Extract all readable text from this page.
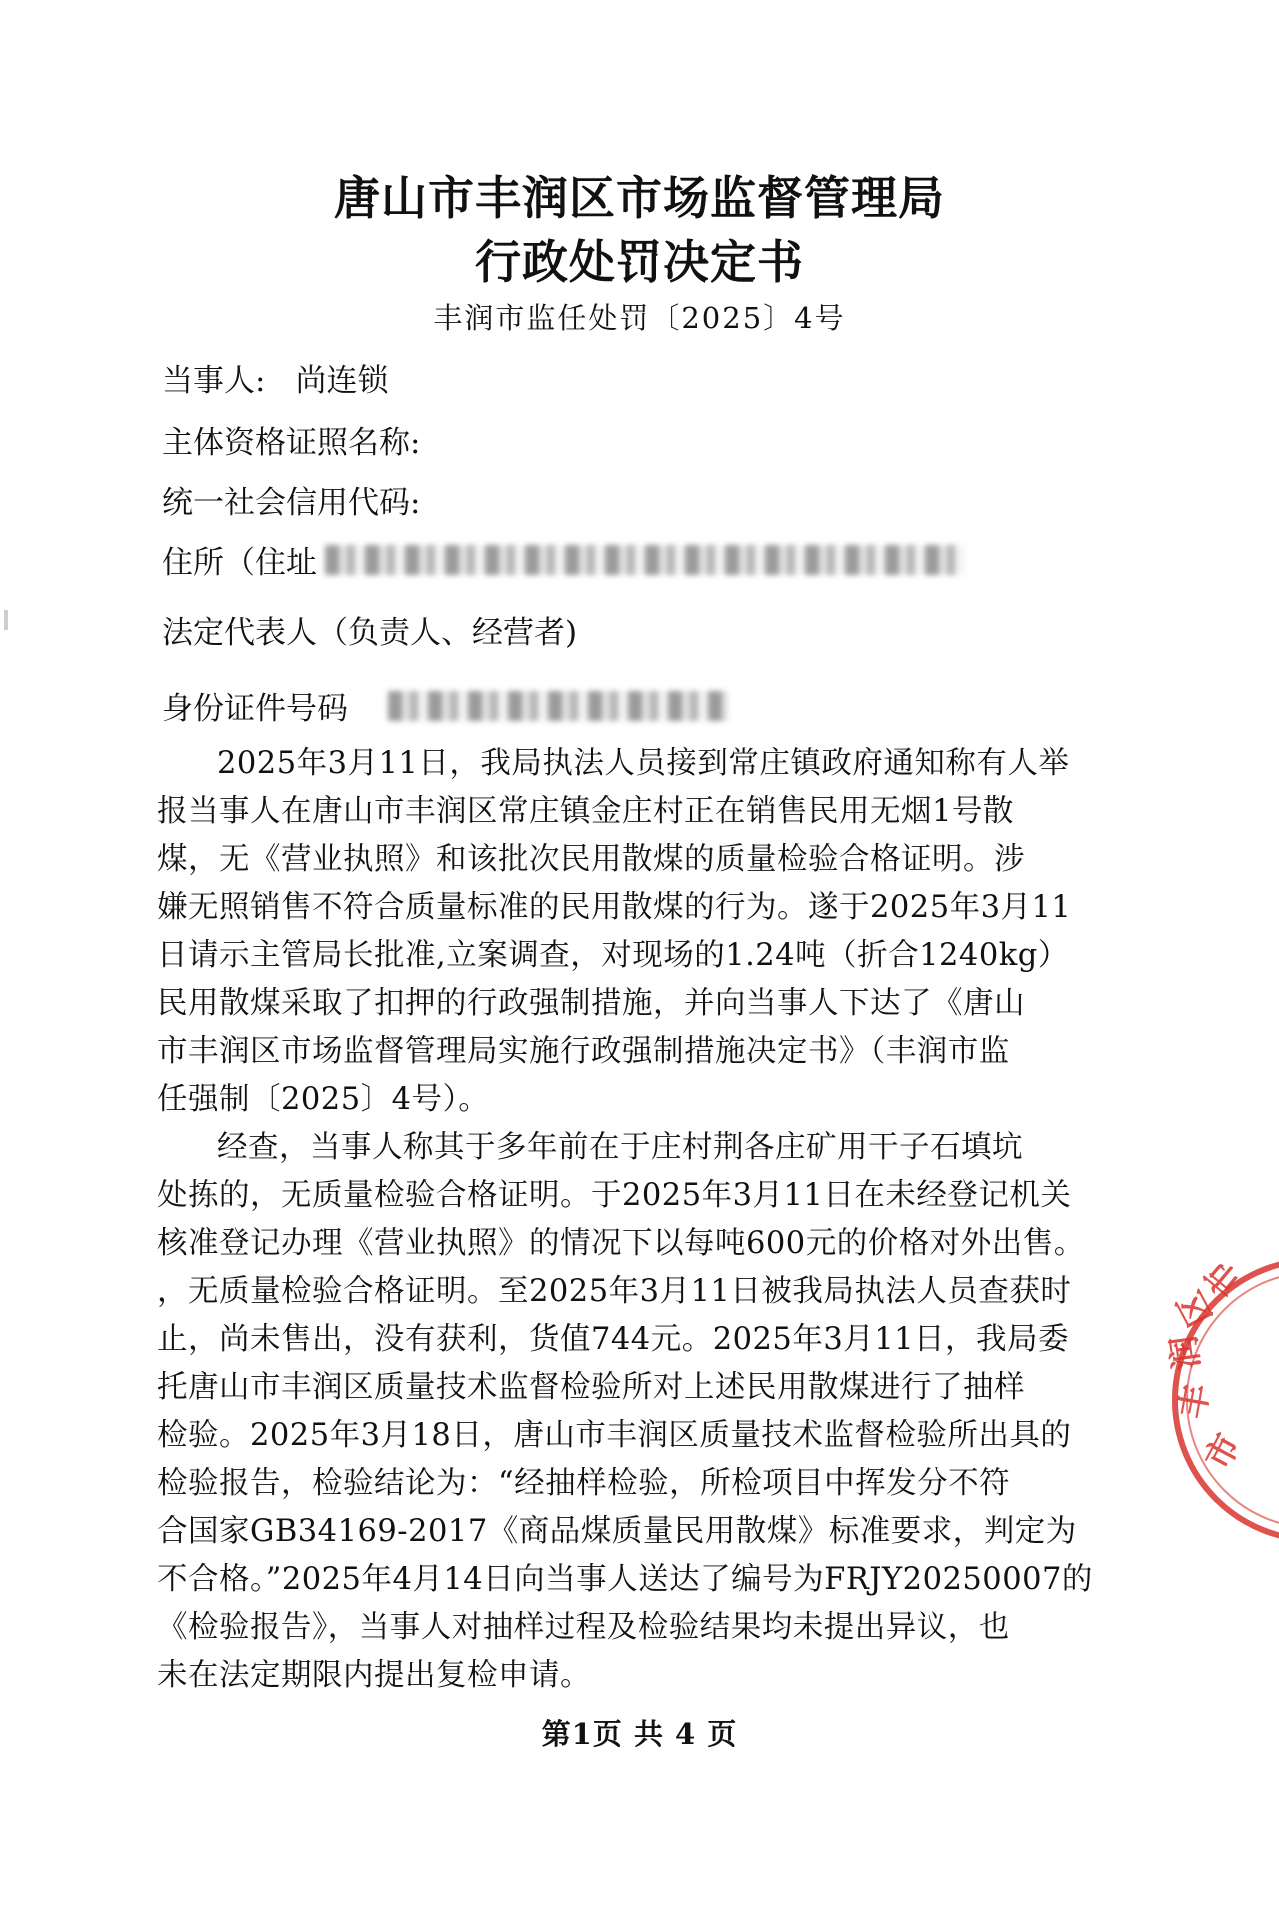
唐山市丰润区市场监督管理局
行政处罚决定书
丰润市监任处罚〔2025〕4号
当事人: 尚连锁
主体资格证照名称:
统一社会信用代码:
住所（住址
法定代表人（负责人、经营者)
身份证件号码
2025年3月11日，我局执法人员接到常庄镇政府通知称有人举
报当事人在唐山市丰润区常庄镇金庄村正在销售民用无烟1号散
煤，无《营业执照》和该批次民用散煤的质量检验合格证明。涉
嫌无照销售不符合质量标准的民用散煤的行为。遂于2025年3月11
日请示主管局长批准,立案调查，对现场的1.24吨（折合1240kg）
民用散煤采取了扣押的行政强制措施，并向当事人下达了《唐山
市丰润区市场监督管理局实施行政强制措施决定书》（丰润市监
任强制〔2025〕4号）。
经查，当事人称其于多年前在于庄村荆各庄矿用干子石填坑
处拣的，无质量检验合格证明。于2025年3月11日在未经登记机关
核准登记办理《营业执照》的情况下以每吨600元的价格对外出售。
，无质量检验合格证明。至2025年3月11日被我局执法人员查获时
止，尚未售出，没有获利，货值744元。2025年3月11日，我局委
托唐山市丰润区质量技术监督检验所对上述民用散煤进行了抽样
检验。2025年3月18日，唐山市丰润区质量技术监督检验所出具的
检验报告，检验结论为：“经抽样检验，所检项目中挥发分不符
合国家GB34169-2017《商品煤质量民用散煤》标准要求，判定为
不合格。”2025年4月14日向当事人送达了编号为FRJY20250007的
《检验报告》，当事人对抽样过程及检验结果均未提出异议，也
未在法定期限内提出复检申请。
第1页 共 4 页
市
丰
润
区
市
